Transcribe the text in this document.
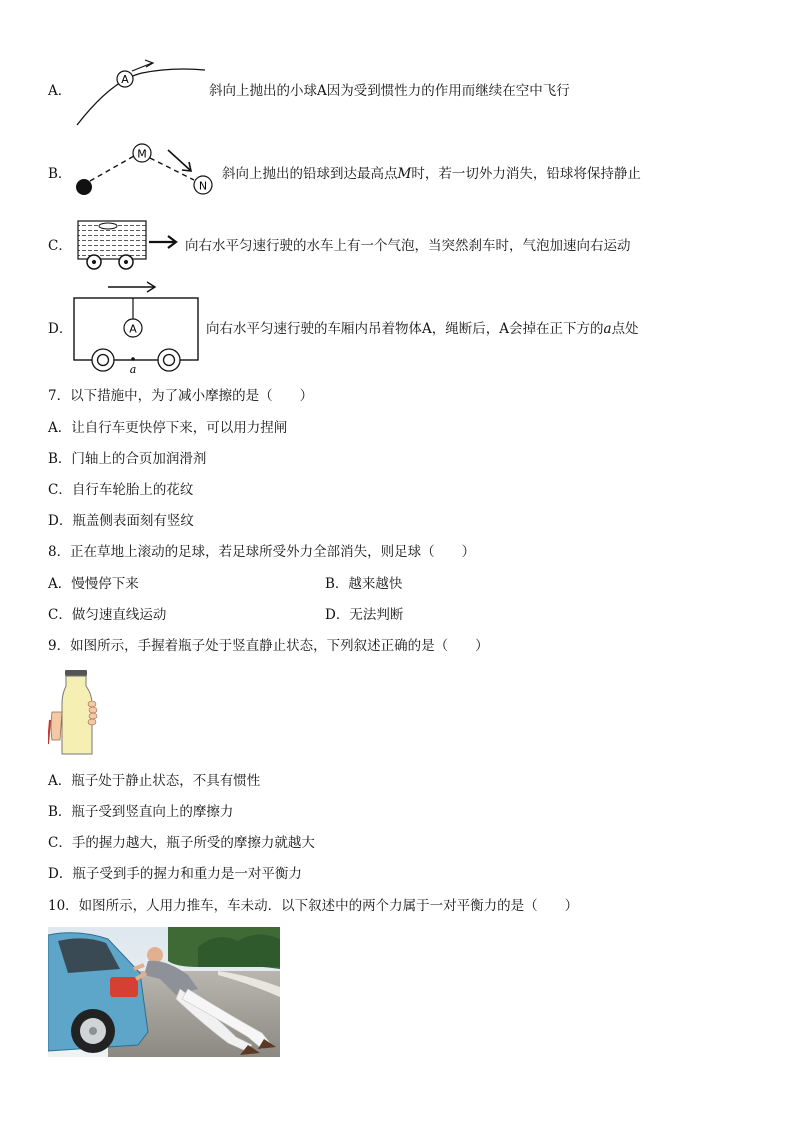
A．
A
斜向上抛出的小球A因为受到惯性力的作用而继续在空中飞行
B．
M
N
斜向上抛出的铅球到达最高点M时，若一切外力消失，铅球将保持静止
C．	向右水平匀速行驶的水车上有一个气泡，当突然刹车时，气泡加速向右运动
D．	A
a
向右水平匀速行驶的车厢内吊着物体A，绳断后，A会掉在正下方的a点处
7．以下措施中，为了减小摩擦的是（　　）
A．让自行车更快停下来，可以用力捏闸
B．门轴上的合页加润滑剂
C．自行车轮胎上的花纹
D．瓶盖侧表面刻有竖纹
8．正在草地上滚动的足球，若足球所受外力全部消失，则足球（　　）
A．慢慢停下来	B．越来越快
C．做匀速直线运动	D．无法判断
9．如图所示，手握着瓶子处于竖直静止状态，下列叙述正确的是（　　）
A．瓶子处于静止状态，不具有惯性
B．瓶子受到竖直向上的摩擦力
C．手的握力越大，瓶子所受的摩擦力就越大
D．瓶子受到手的握力和重力是一对平衡力
10．如图所示，人用力推车，车未动．以下叙述中的两个力属于一对平衡力的是（　　）
